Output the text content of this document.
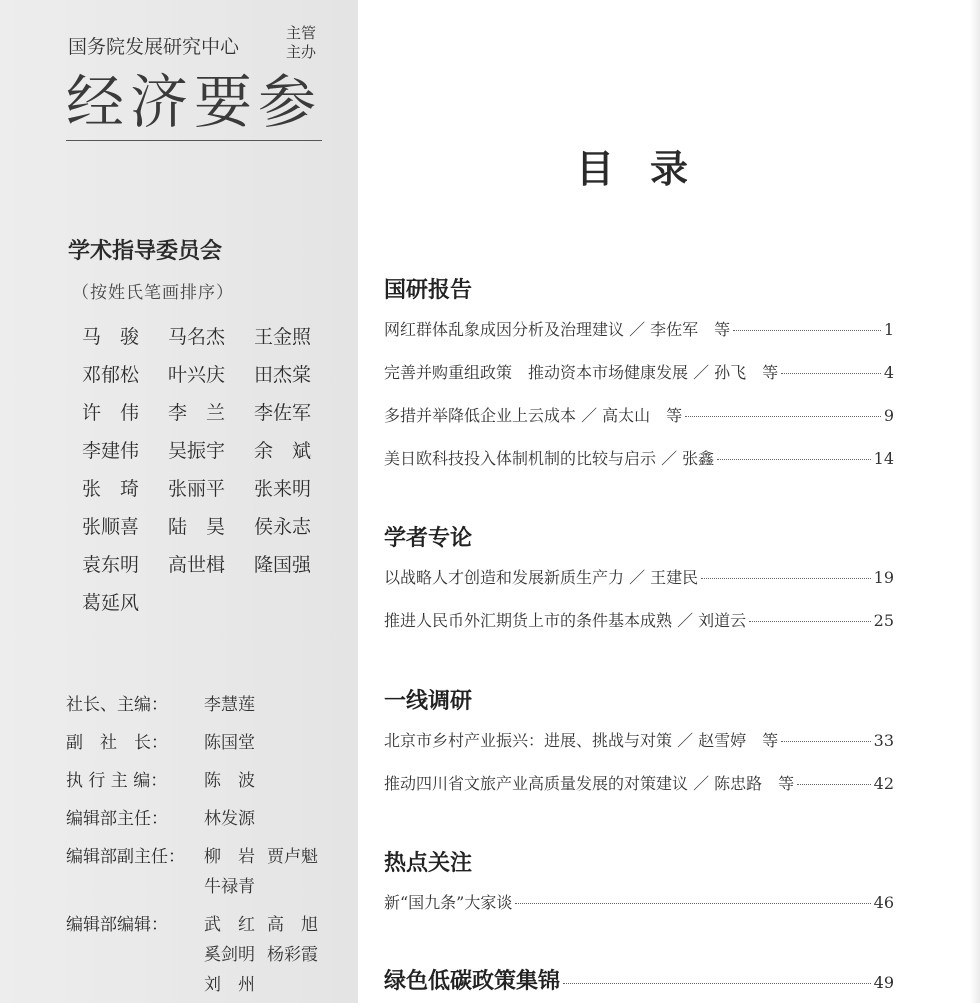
国务院发展研究中心
主管
主办
经济要参
学术指导委员会
（按姓氏笔画排序）
马　骏	马名杰	王金照
邓郁松	叶兴庆	田杰棠
许　伟	李　兰	李佐军
李建伟	吴振宇	余　斌
张　琦	张丽平	张来明
张顺喜	陆　昊	侯永志
袁东明	高世楫	隆国强
葛延风
社长、主编：	李慧莲
副　社　长：	陈国堂
执 行 主 编：	陈　波
编辑部主任：	林发源
编辑部副主任：	柳　岩 贾卢魁
牛禄青
编辑部编辑：	武　红 高　旭
奚剑明 杨彩霞
刘　州
目录
国研报告
网红群体乱象成因分析及治理建议 ／ 李佐军　等	1
完善并购重组政策　推动资本市场健康发展 ／ 孙飞　等	4
多措并举降低企业上云成本 ／ 高太山　等	9
美日欧科技投入体制机制的比较与启示 ／ 张鑫	14
学者专论
以战略人才创造和发展新质生产力 ／ 王建民	19
推进人民币外汇期货上市的条件基本成熟 ／ 刘道云	25
一线调研
北京市乡村产业振兴：进展、挑战与对策 ／ 赵雪婷　等	33
推动四川省文旅产业高质量发展的对策建议 ／ 陈忠路　等	42
热点关注
新“国九条”大家谈	46
绿色低碳政策集锦	49
